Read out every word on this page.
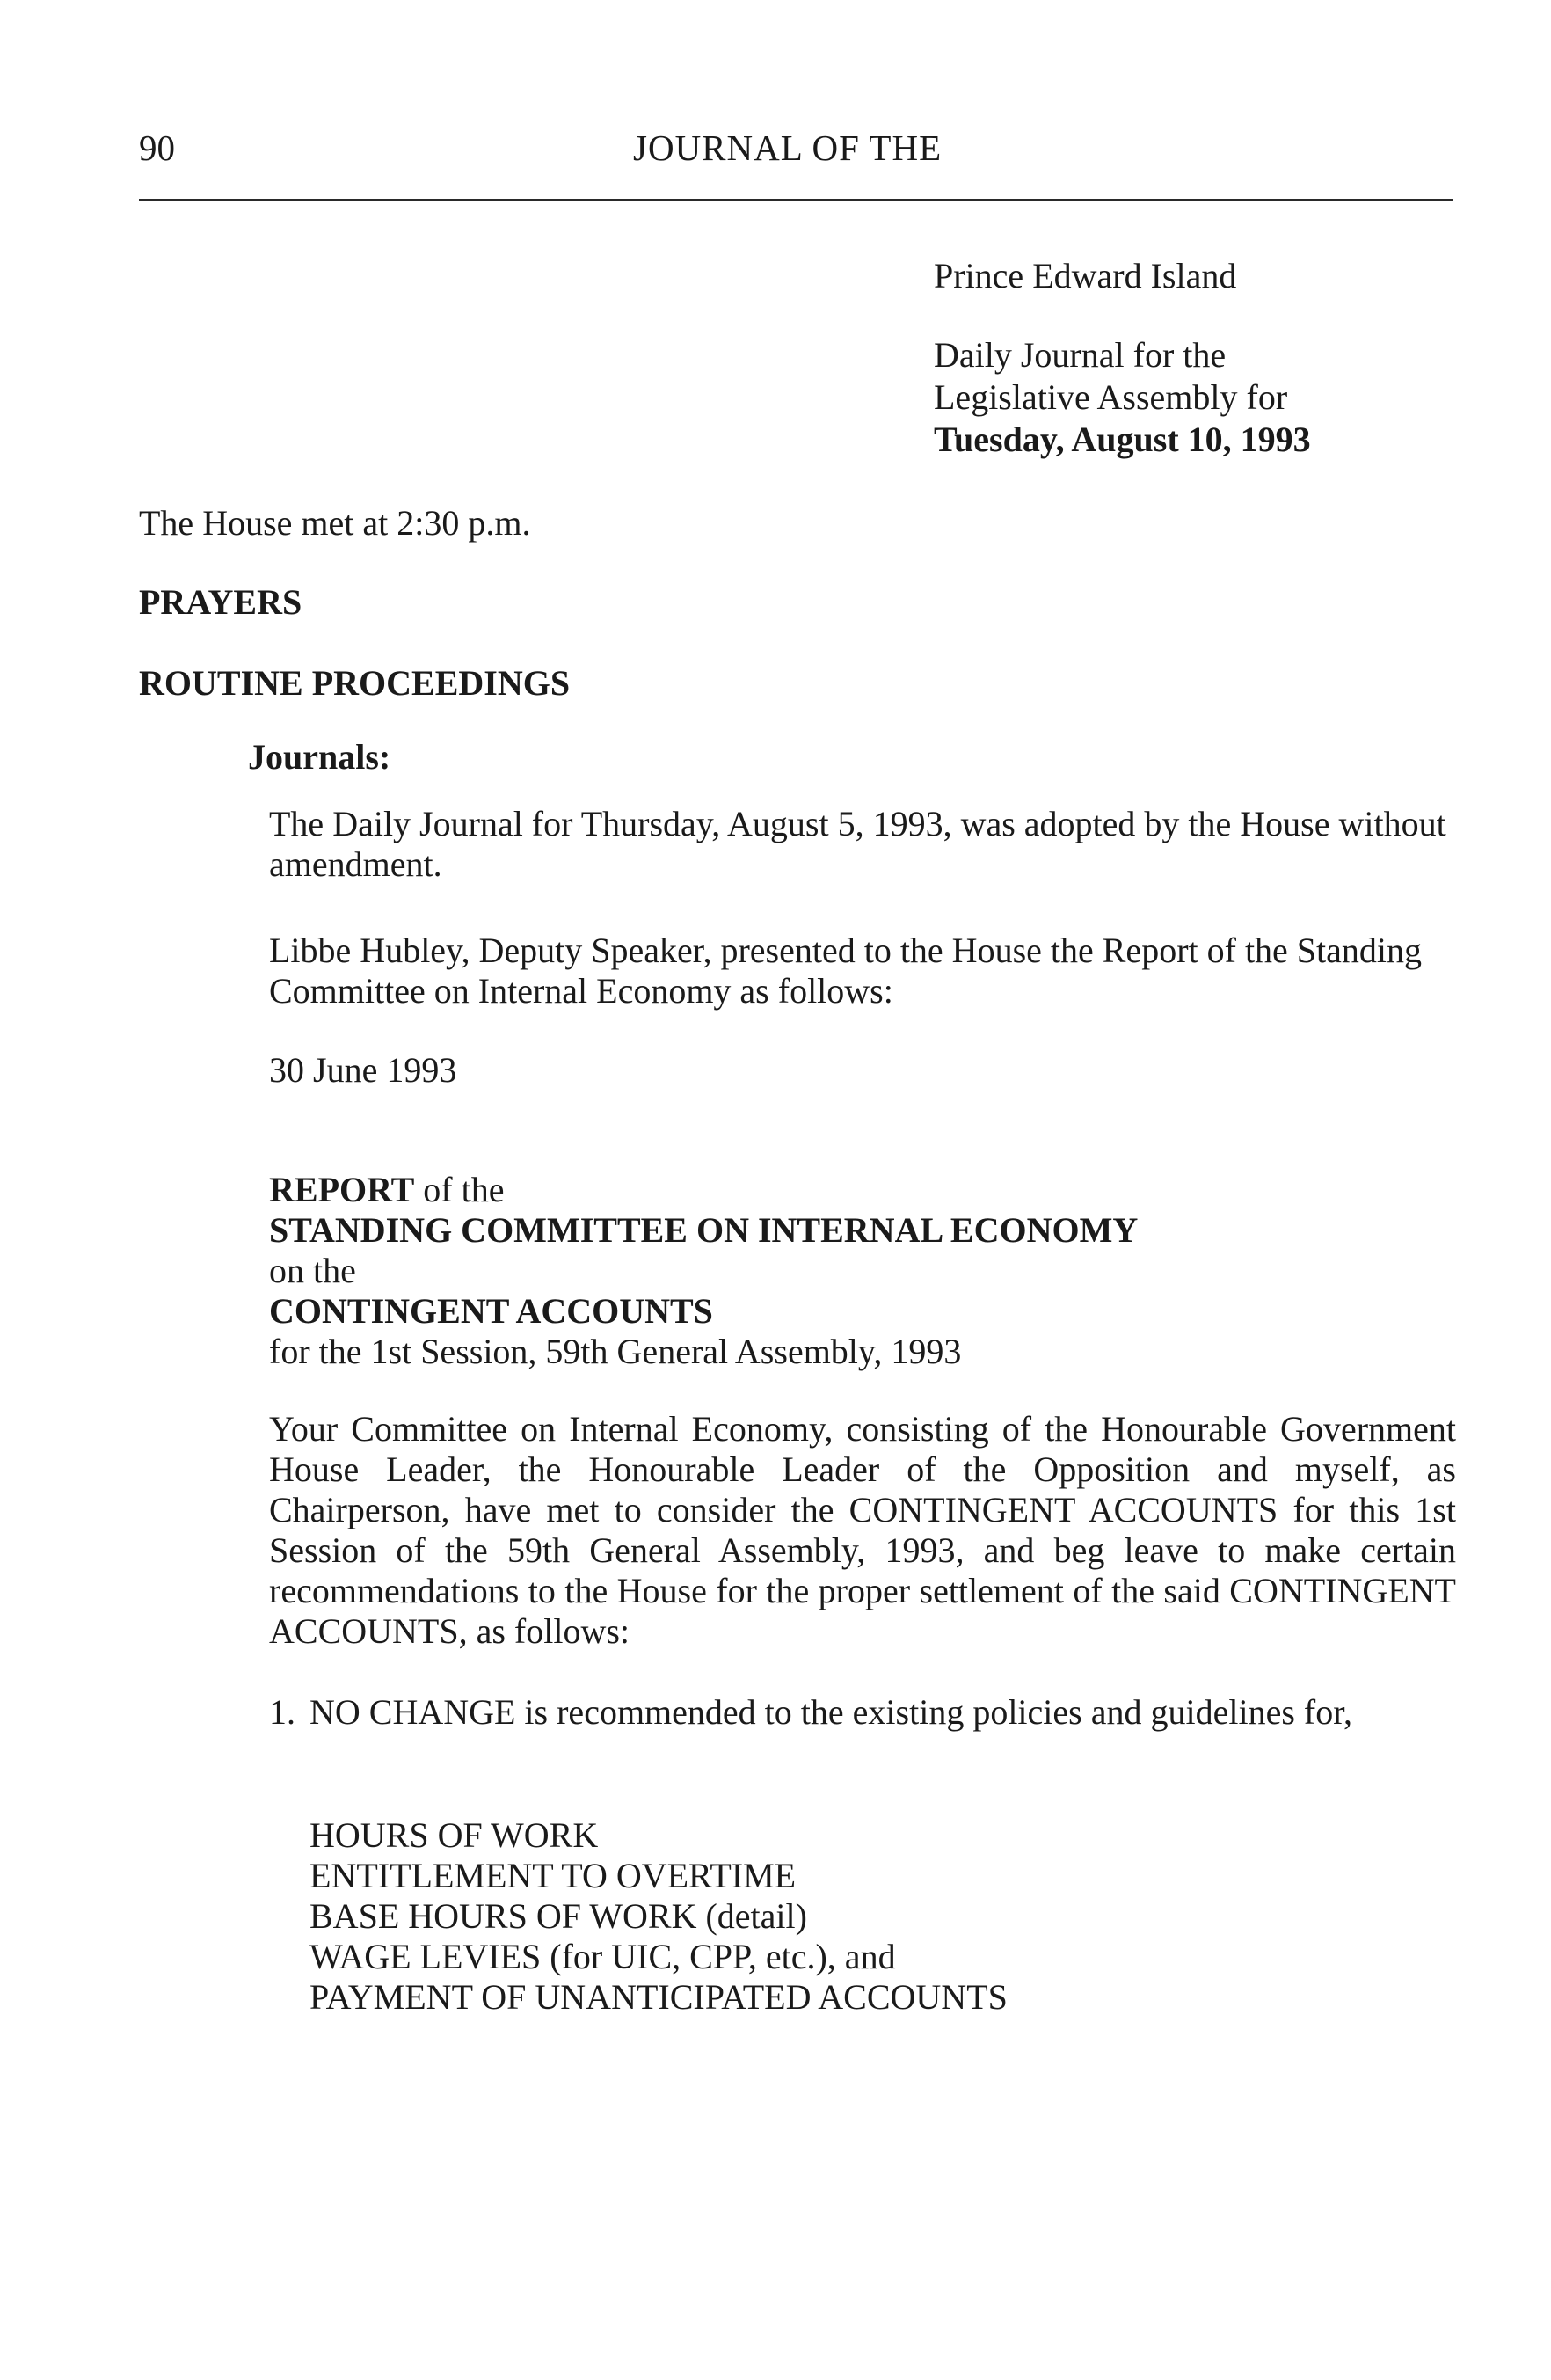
90	JOURNAL OF THE
Prince Edward Island
Daily Journal for the
Legislative Assembly for
Tuesday, August 10, 1993
The House met at 2:30 p.m.
PRAYERS
ROUTINE PROCEEDINGS
Journals:
The Daily Journal for Thursday, August 5, 1993, was adopted by the House without amendment.
Libbe Hubley, Deputy Speaker, presented to the House the Report of the Standing Committee on Internal Economy as follows:
30 June 1993
REPORT of the
STANDING COMMITTEE ON INTERNAL ECONOMY
on the
CONTINGENT ACCOUNTS
for the 1st Session, 59th General Assembly, 1993
Your Committee on Internal Economy, consisting of the Honourable Government House Leader, the Honourable Leader of the Opposition and myself, as Chairperson, have met to consider the CONTINGENT ACCOUNTS for this 1st Session of the 59th General Assembly, 1993, and beg leave to make certain recommendations to the House for the proper settlement of the said CONTINGENT ACCOUNTS, as follows:
1. NO CHANGE is recommended to the existing policies and guidelines for,
HOURS OF WORK
ENTITLEMENT TO OVERTIME
BASE HOURS OF WORK (detail)
WAGE LEVIES (for UIC, CPP, etc.), and
PAYMENT OF UNANTICIPATED ACCOUNTS
